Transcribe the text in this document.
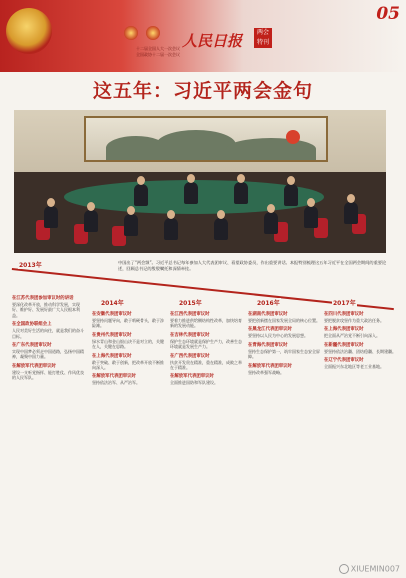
十二届全国人大一次会议
全国政协十二届一次会议
人民日报	两会特刊
05
这五年：习近平两会金句
中国出了“两会频”。习近平总书记每年参加人大代表团审议、看望政协委员，作出重要讲话。本报特别梳理这五年习近平在全国两会期间的重要论述，回顾总书记的殷殷嘱托和深情牵挂。
2013年
2014年	2015年	2016年	2017年
在江苏代表团参加审议时的讲话
要深化改革开放，推动科学发展，实现好、维护好、发展好最广大人民根本利益。
在全国政协联组会上
人民对美好生活的向往，就是我们的奋斗目标。
在广东代表团审议时
实现中国梦必须走中国道路，弘扬中国精神，凝聚中国力量。
在解放军代表团审议时
建设一支听党指挥、能打胜仗、作风优良的人民军队。
在安徽代表团审议时
要坚持问题导向，敢于啃硬骨头，敢于涉险滩。
在贵州代表团审议时
绿水青山和金山银山决不是对立的，关键在人，关键在思路。
在上海代表团审议时
敢于突破、敢于创新，把改革开放不断推向深入。
在解放军代表团审议时
坚持依法治军、从严治军。
在江西代表团审议时
要着力推进供给侧结构性改革，加快培育新的发展动能。
在吉林代表团审议时
保护生态环境就是保护生产力，改善生态环境就是发展生产力。
在广西代表团审议时
扶贫开发贵在精准，重在精准，成败之举在于精准。
在解放军代表团审议时
全面推进国防和军队建设。
在湖南代表团审议时
要把创新摆在国家发展全局的核心位置。
在黑龙江代表团审议时
要坚持以人民为中心的发展思想。
在青海代表团审议时
坚持生态保护第一，筑牢国家生态安全屏障。
在解放军代表团审议时
坚持改革强军战略。
在四川代表团审议时
要把脱贫攻坚作为重大政治任务。
在上海代表团审议时
把全面从严治党不断引向深入。
在新疆代表团审议时
要坚持依法治疆、团结稳疆、长期建疆。
在辽宁代表团审议时
全面振兴东北地区等老工业基地。
XIUEMIN007
